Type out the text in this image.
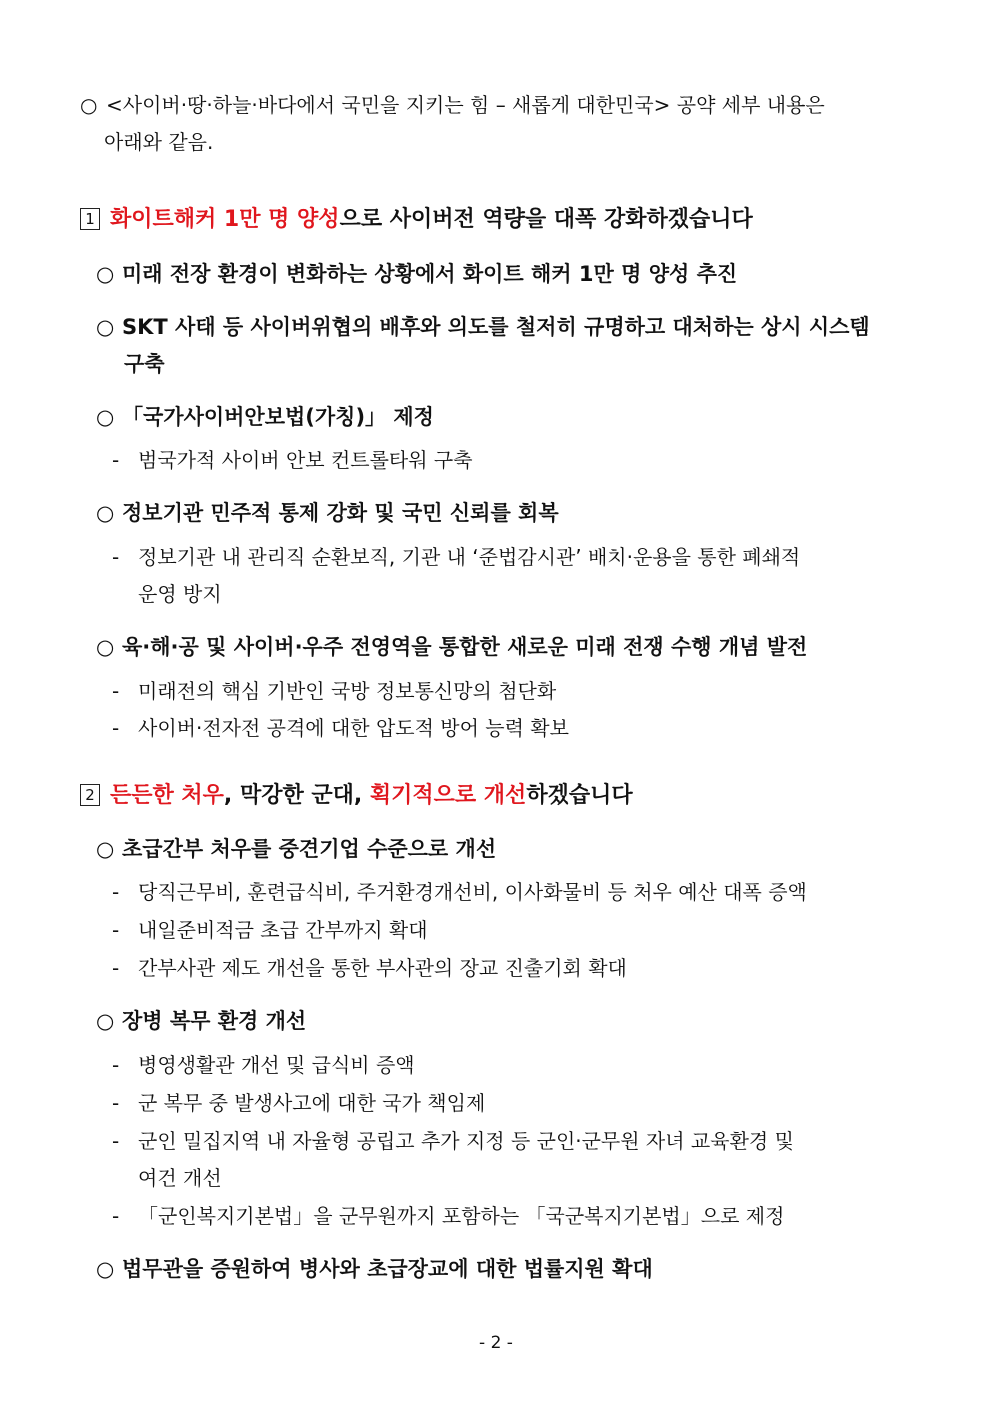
○ <사이버·땅·하늘·바다에서 국민을 지키는 힘 – 새롭게 대한민국> 공약 세부 내용은
아래와 같음.
1 화이트해커 1만 명 양성으로 사이버전 역량을 대폭 강화하겠습니다
○ 미래 전장 환경이 변화하는 상황에서 화이트 해커 1만 명 양성 추진
○ SKT 사태 등 사이버위협의 배후와 의도를 철저히 규명하고 대처하는 상시 시스템
구축
○ 「국가사이버안보법(가칭)」 제정
- 범국가적 사이버 안보 컨트롤타워 구축
○ 정보기관 민주적 통제 강화 및 국민 신뢰를 회복
- 정보기관 내 관리직 순환보직, 기관 내 ‘준법감시관’ 배치·운용을 통한 폐쇄적
운영 방지
○ 육·해·공 및 사이버·우주 전영역을 통합한 새로운 미래 전쟁 수행 개념 발전
- 미래전의 핵심 기반인 국방 정보통신망의 첨단화
- 사이버·전자전 공격에 대한 압도적 방어 능력 확보
2 든든한 처우, 막강한 군대, 획기적으로 개선하겠습니다
○ 초급간부 처우를 중견기업 수준으로 개선
- 당직근무비, 훈련급식비, 주거환경개선비, 이사화물비 등 처우 예산 대폭 증액
- 내일준비적금 초급 간부까지 확대
- 간부사관 제도 개선을 통한 부사관의 장교 진출기회 확대
○ 장병 복무 환경 개선
- 병영생활관 개선 및 급식비 증액
- 군 복무 중 발생사고에 대한 국가 책임제
- 군인 밀집지역 내 자율형 공립고 추가 지정 등 군인·군무원 자녀 교육환경 및
여건 개선
- 「군인복지기본법」을 군무원까지 포함하는 「국군복지기본법」으로 제정
○ 법무관을 증원하여 병사와 초급장교에 대한 법률지원 확대
- 2 -
